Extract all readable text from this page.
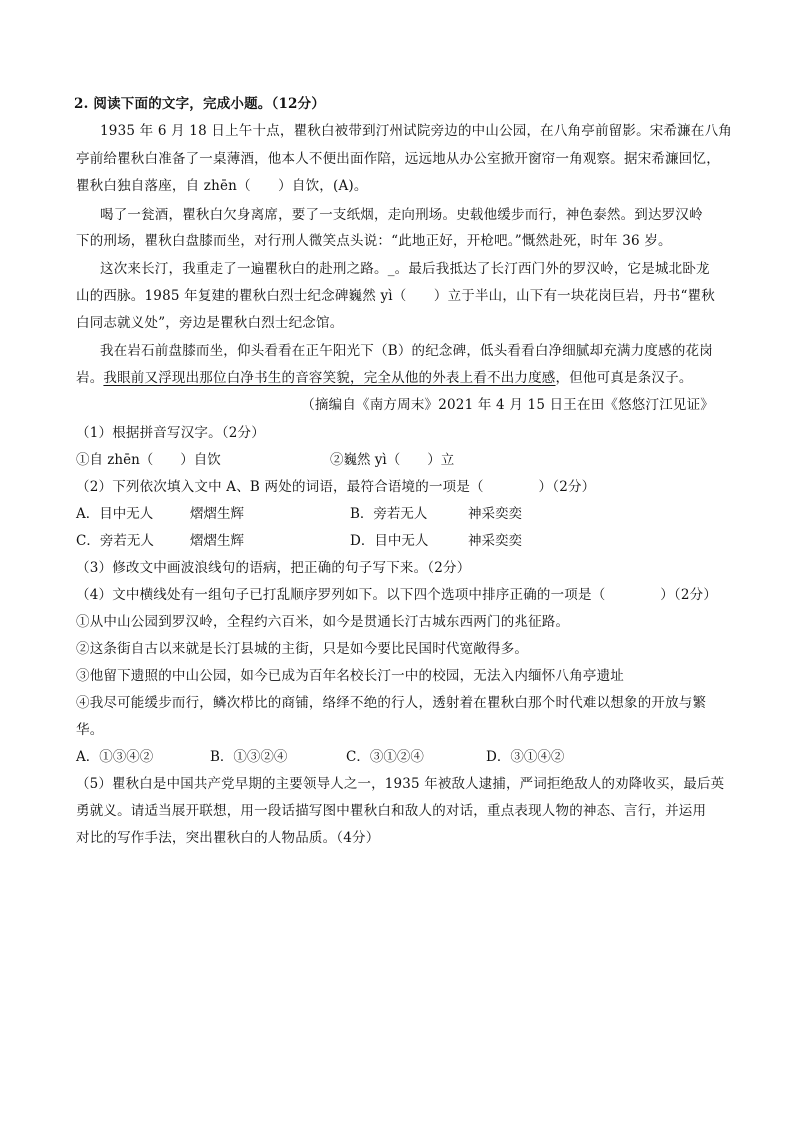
2. 阅读下面的文字，完成小题。（12分）
1935 年 6 月 18 日上午十点，瞿秋白被带到汀州试院旁边的中山公园，在八角亭前留影。宋希濂在八角
亭前给瞿秋白准备了一桌薄酒，他本人不便出面作陪，远远地从办公室掀开窗帘一角观察。据宋希濂回忆，
瞿秋白独自落座，自 zhēn（　　）自饮，(A)。
喝了一瓮酒，瞿秋白欠身离席，要了一支纸烟，走向刑场。史载他缓步而行，神色泰然。到达罗汉岭
下的刑场，瞿秋白盘膝而坐，对行刑人微笑点头说：“此地正好，开枪吧。”慨然赴死，时年 36 岁。
这次来长汀，我重走了一遍瞿秋白的赴刑之路。_。最后我抵达了长汀西门外的罗汉岭，它是城北卧龙
山的西脉。1985 年复建的瞿秋白烈士纪念碑巍然 yì（　　）立于半山，山下有一块花岗巨岩，丹书“瞿秋
白同志就义处”，旁边是瞿秋白烈士纪念馆。
我在岩石前盘膝而坐，仰头看看在正午阳光下（B）的纪念碑，低头看看白净细腻却充满力度感的花岗
岩。我眼前又浮现出那位白净书生的音容笑貌，完全从他的外表上看不出力度感，但他可真是条汉子。
（摘编自《南方周末》2021 年 4 月 15 日王在田《悠悠汀江见证》
（1）根据拼音写汉字。（2分）
①自 zhēn（　　）自饮	②巍然 yì（　　）立
（2）下列依次填入文中 A、B 两处的词语，最符合语境的一项是（　　　　）（2分）
A．目中无人	熠熠生辉	B．旁若无人	神采奕奕
C．旁若无人	熠熠生辉	D．目中无人	神采奕奕
（3）修改文中画波浪线句的语病，把正确的句子写下来。（2分）
（4）文中横线处有一组句子已打乱顺序罗列如下。以下四个选项中排序正确的一项是（　　　　）（2分）
①从中山公园到罗汉岭，全程约六百米，如今是贯通长汀古城东西两门的兆征路。
②这条街自古以来就是长汀县城的主街，只是如今要比民国时代宽敞得多。
③他留下遗照的中山公园，如今已成为百年名校长汀一中的校园，无法入内缅怀八角亭遗址
④我尽可能缓步而行，鳞次栉比的商铺，络绎不绝的行人，透射着在瞿秋白那个时代难以想象的开放与繁
华。
A．①③④②	B．①③②④	C．③①②④	D．③①④②
（5）瞿秋白是中国共产党早期的主要领导人之一，1935 年被敌人逮捕，严词拒绝敌人的劝降收买，最后英
勇就义。请适当展开联想，用一段话描写图中瞿秋白和敌人的对话，重点表现人物的神态、言行，并运用
对比的写作手法，突出瞿秋白的人物品质。（4分）
